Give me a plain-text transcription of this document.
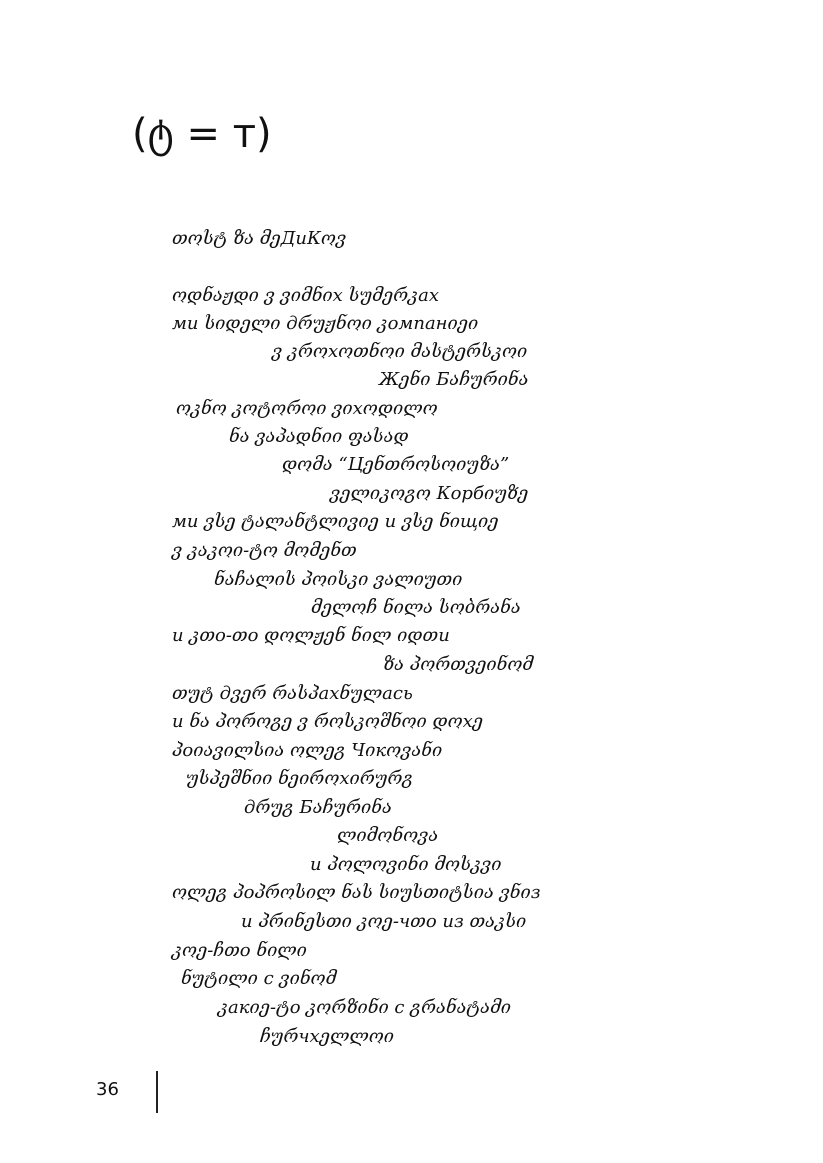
(ტ = т)
თოსტ ზა მეДиКოვ
ოდნაჟდი ვ ვიმნიx სუმერკаx
ми სიდელი дრუჟნოი კомпанიეი
ვ კროxოთნოი მასტერსკოი
Жენი Бაჩურინა
ოკნო კოტოროი ვიxოდილო
ნა ვაპადნიი ფასად
დომა “Цენთროსოიუზა”
ველიკოგო Корбიუზე
ми ვსე ტალანტლივიე и ვსე ნიщიე
ვ კაკოი-ტო მომენთ
ნაჩალის პოისკი ვალიუთი
მელოჩ ნილა სობრანა
и კთо-თо დოლჟენ ნილ იდთи
ზა პორთვეინომ
თუტ дვერ რასპаxნულась
и ნა პოროგე ვ როსკოშნოი დოxე
პоიავილსია ოლეგ Чიкოვანი
უსპეშნიი ნეიროxირურგ
дრუგ Бაჩურინა
ლიმონოვა
и პოლოვინი მოსკვი
ოლეგ პоპროსილ ნას სიუსთიტსია ვნიз
и პრინესთი კოე-чთo из თაკსი
კოე-ჩთо ნილი
ნუტილი с ვინომ
კакიე-ტо კორზინი с გრანატამი
ჩურчxელლოი
36
